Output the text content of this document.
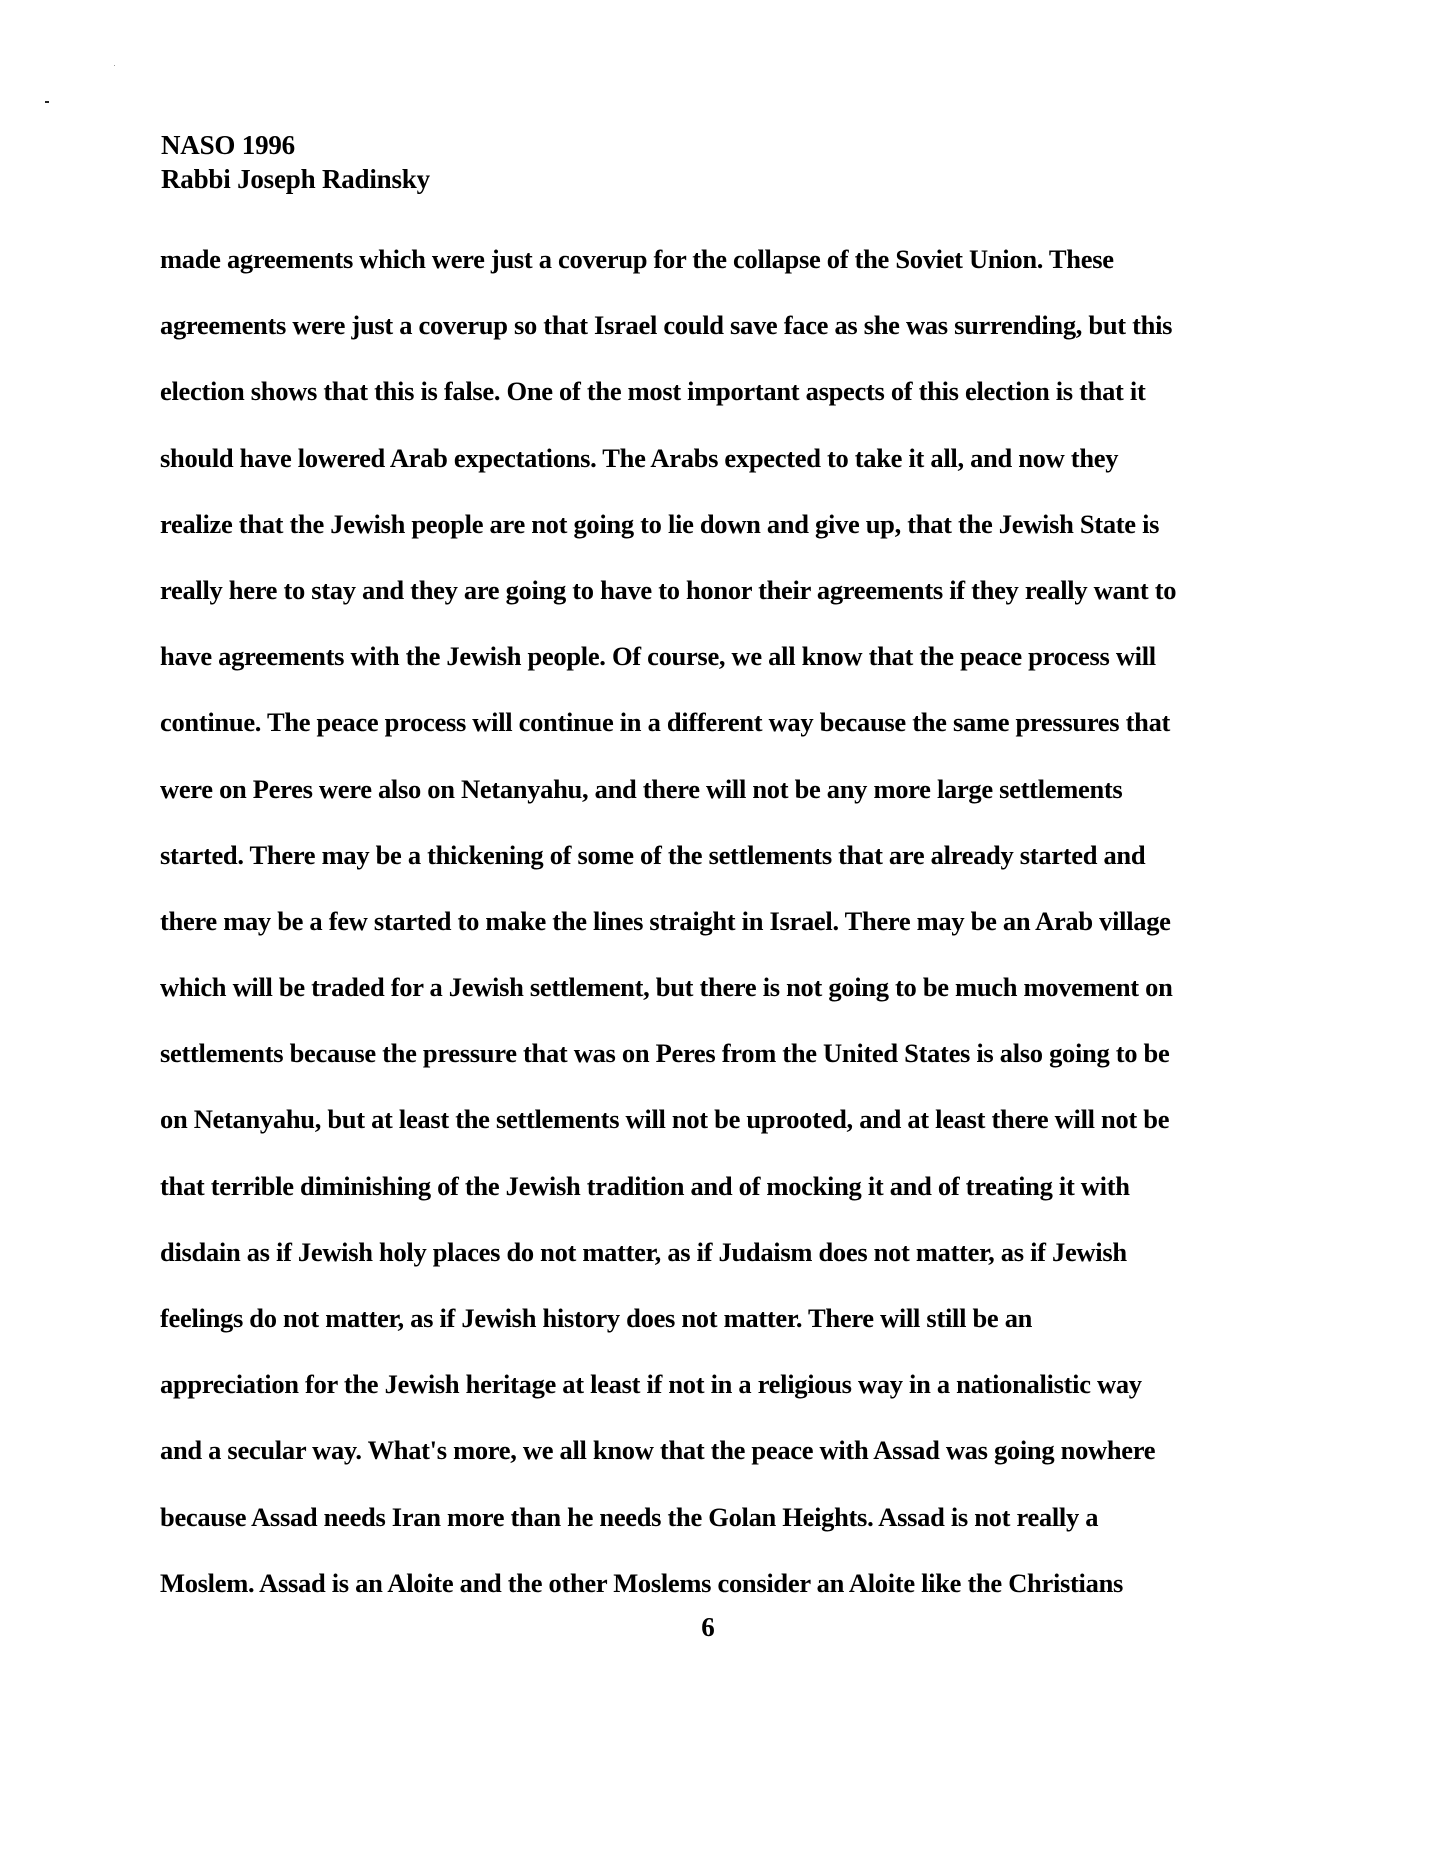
NASO 1996
Rabbi Joseph Radinsky
made agreements which were just a coverup for the collapse of the Soviet Union. These
agreements were just a coverup so that Israel could save face as she was surrending, but this
election shows that this is false. One of the most important aspects of this election is that it
should have lowered Arab expectations. The Arabs expected to take it all, and now they
realize that the Jewish people are not going to lie down and give up, that the Jewish State is
really here to stay and they are going to have to honor their agreements if they really want to
have agreements with the Jewish people. Of course, we all know that the peace process will
continue. The peace process will continue in a different way because the same pressures that
were on Peres were also on Netanyahu, and there will not be any more large settlements
started. There may be a thickening of some of the settlements that are already started and
there may be a few started to make the lines straight in Israel. There may be an Arab village
which will be traded for a Jewish settlement, but there is not going to be much movement on
settlements because the pressure that was on Peres from the United States is also going to be
on Netanyahu, but at least the settlements will not be uprooted, and at least there will not be
that terrible diminishing of the Jewish tradition and of mocking it and of treating it with
disdain as if Jewish holy places do not matter, as if Judaism does not matter, as if Jewish
feelings do not matter, as if Jewish history does not matter. There will still be an
appreciation for the Jewish heritage at least if not in a religious way in a nationalistic way
and a secular way. What's more, we all know that the peace with Assad was going nowhere
because Assad needs Iran more than he needs the Golan Heights. Assad is not really a
Moslem. Assad is an Aloite and the other Moslems consider an Aloite like the Christians
6
